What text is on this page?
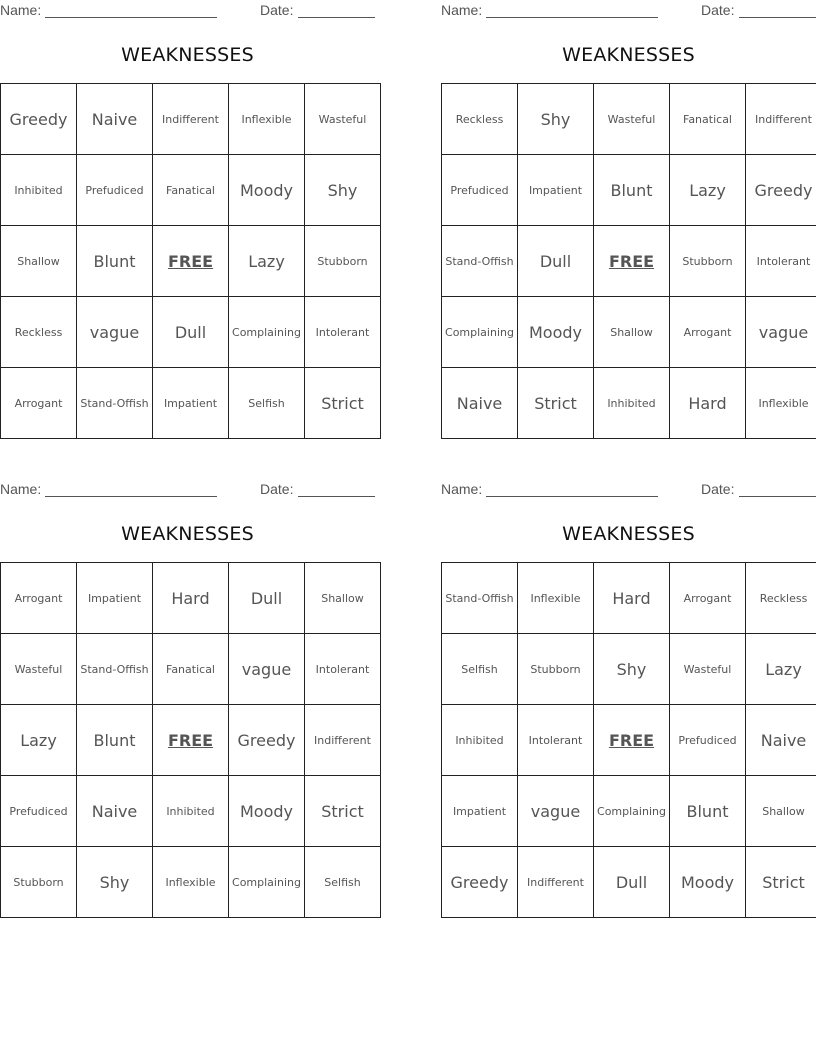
Name:	Date:
WEAKNESSES
Greedy	Naive	Indifferent	Inflexible	Wasteful
Inhibited	Prefudiced	Fanatical	Moody	Shy
Shallow	Blunt	FREE	Lazy	Stubborn
Reckless	vague	Dull	Complaining	Intolerant
Arrogant	Stand-Offish	Impatient	Selfish	Strict
Name:	Date:
WEAKNESSES
Reckless	Shy	Wasteful	Fanatical	Indifferent
Prefudiced	Impatient	Blunt	Lazy	Greedy
Stand-Offish	Dull	FREE	Stubborn	Intolerant
Complaining	Moody	Shallow	Arrogant	vague
Naive	Strict	Inhibited	Hard	Inflexible
Name:	Date:
WEAKNESSES
Arrogant	Impatient	Hard	Dull	Shallow
Wasteful	Stand-Offish	Fanatical	vague	Intolerant
Lazy	Blunt	FREE	Greedy	Indifferent
Prefudiced	Naive	Inhibited	Moody	Strict
Stubborn	Shy	Inflexible	Complaining	Selfish
Name:	Date:
WEAKNESSES
Stand-Offish	Inflexible	Hard	Arrogant	Reckless
Selfish	Stubborn	Shy	Wasteful	Lazy
Inhibited	Intolerant	FREE	Prefudiced	Naive
Impatient	vague	Complaining	Blunt	Shallow
Greedy	Indifferent	Dull	Moody	Strict
